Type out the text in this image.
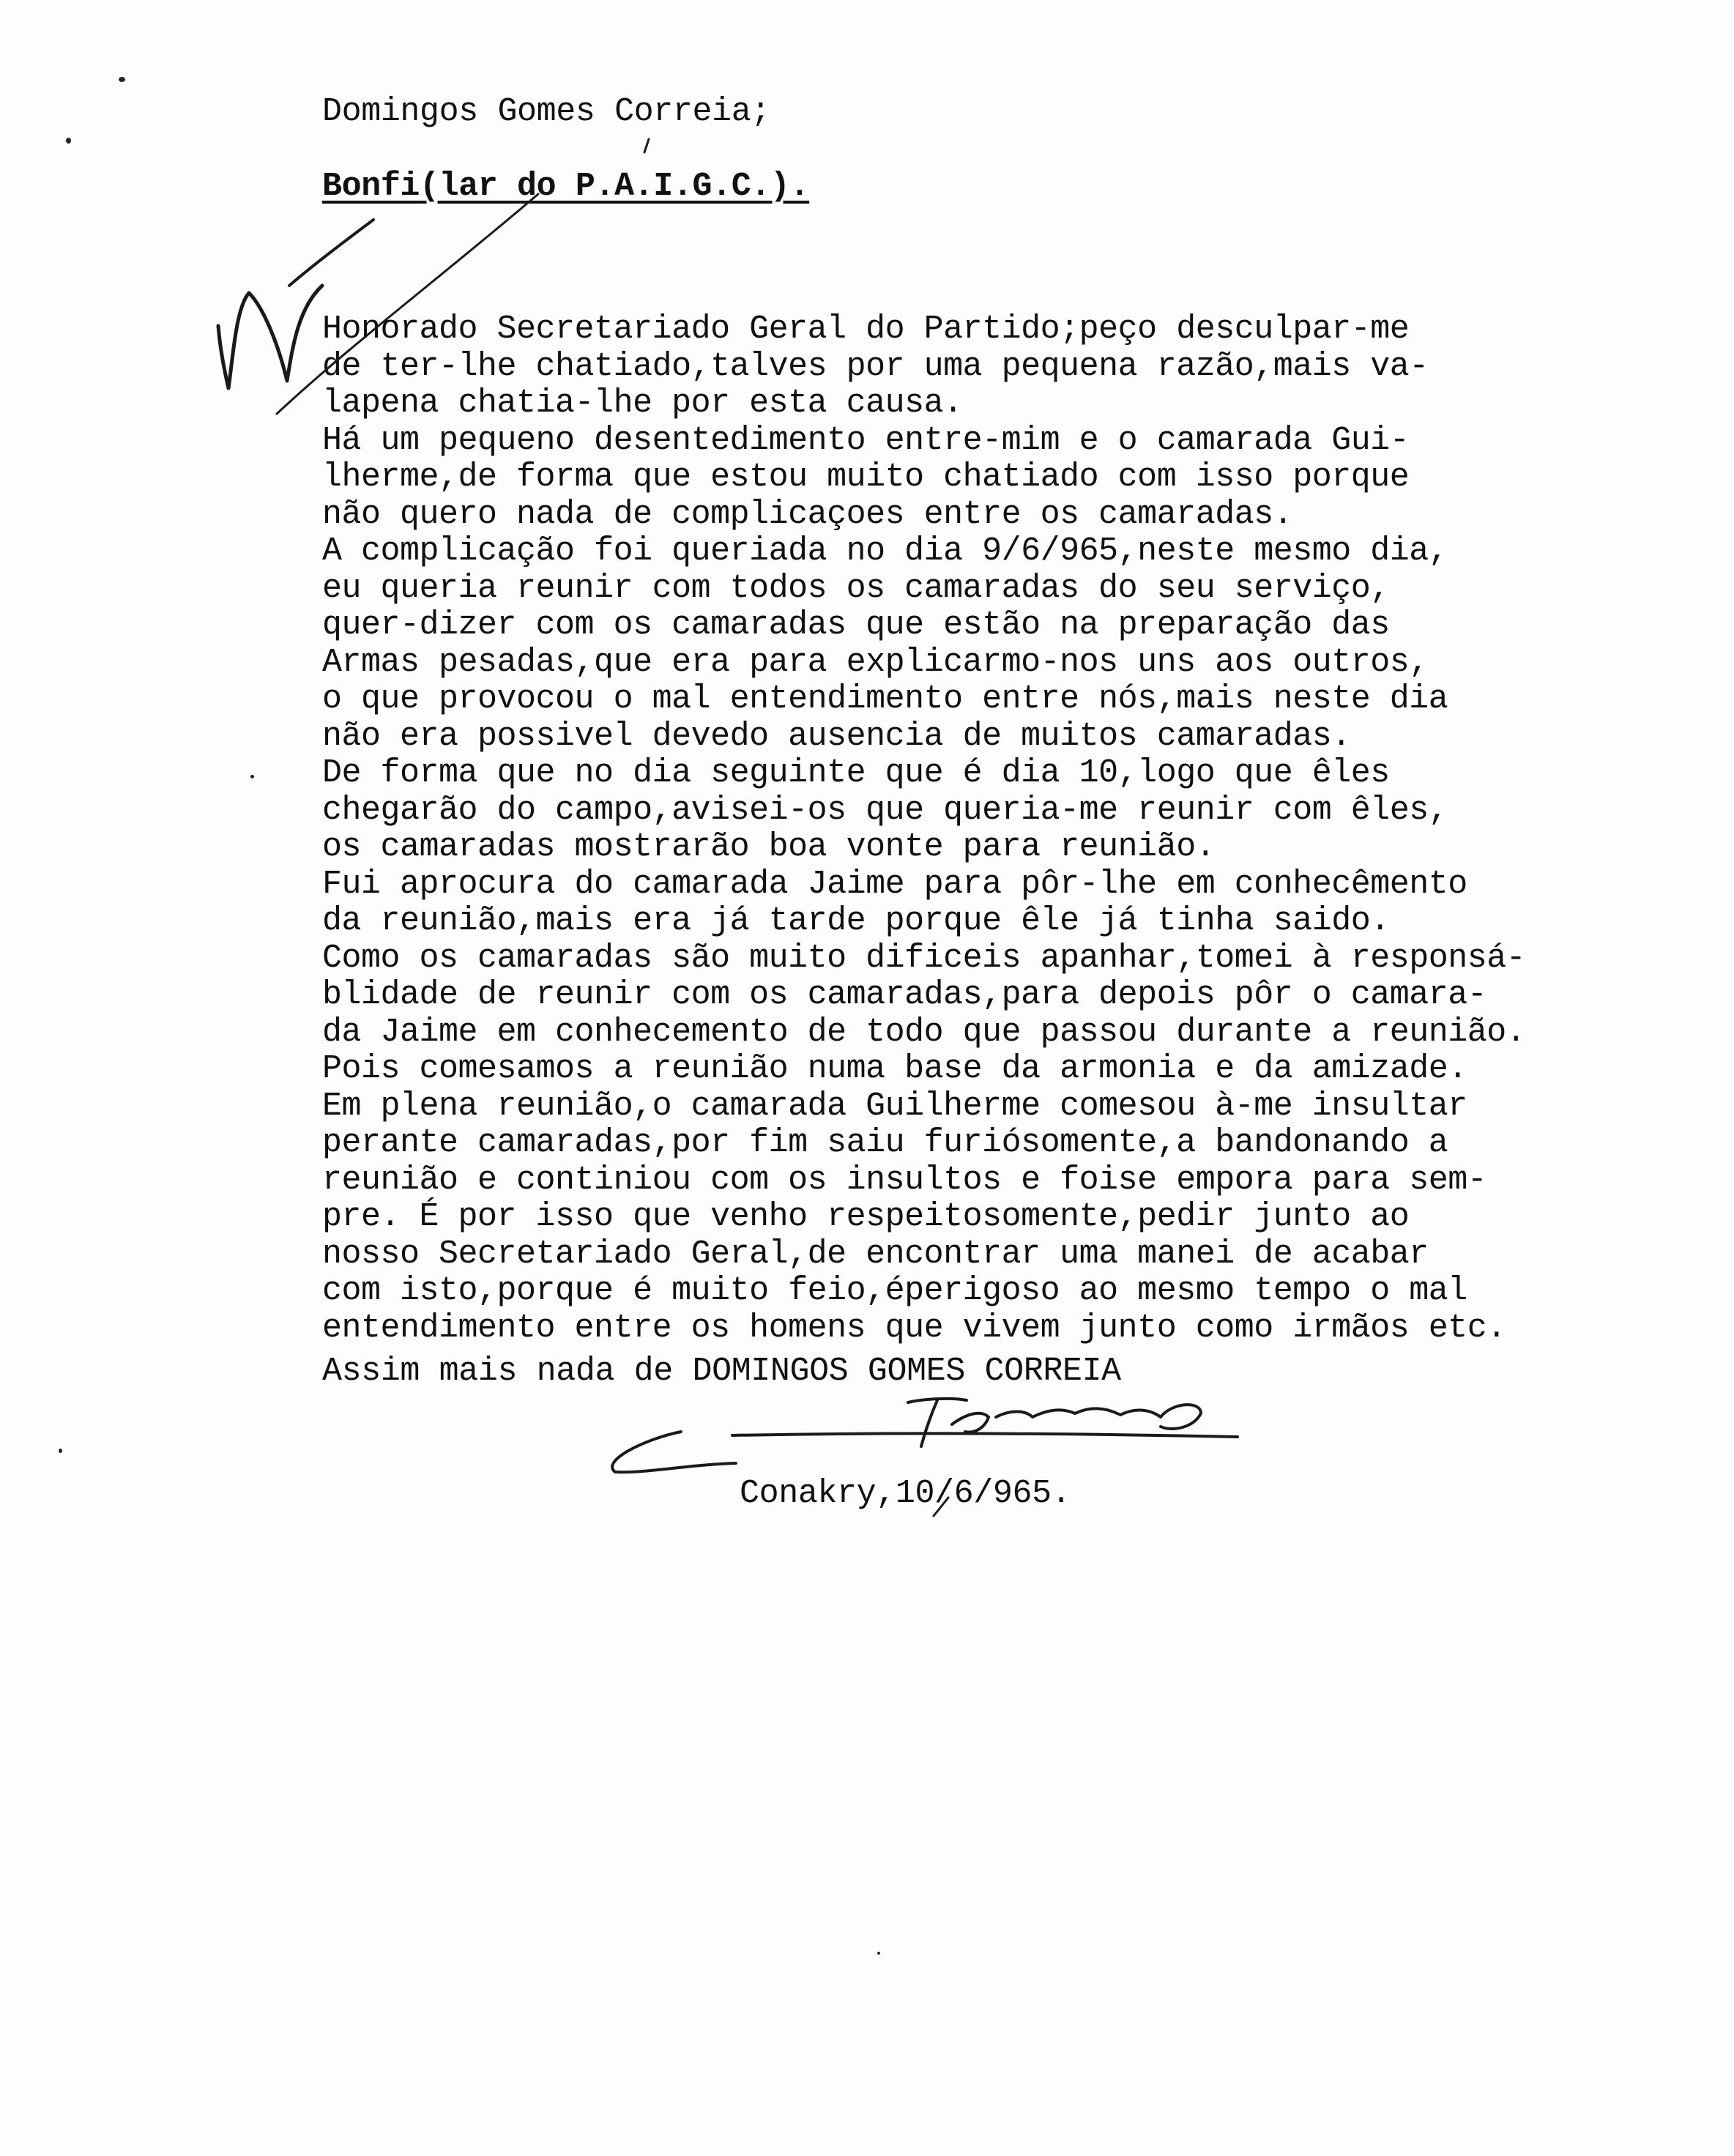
Domingos Gomes Correia;
Bonfi(lar do P.A.I.G.C.).
Honorado Secretariado Geral do Partido;peço desculpar-me
de ter-lhe chatiado,talves por uma pequena razão,mais va-
lapena chatia-lhe por esta causa.
Há um pequeno desentedimento entre-mim e o camarada Gui-
lherme,de forma que estou muito chatiado com isso porque
não quero nada de complicaçoes entre os camaradas.
A complicação foi queriada no dia 9/6/965,neste mesmo dia,
eu queria reunir com todos os camaradas do seu serviço,
quer-dizer com os camaradas que estão na preparação das
Armas pesadas,que era para explicarmo-nos uns aos outros,
o que provocou o mal entendimento entre nós,mais neste dia
não era possivel devedo ausencia de muitos camaradas.
De forma que no dia seguinte que é dia 10,logo que êles
chegarão do campo,avisei-os que queria-me reunir com êles,
os camaradas mostrarão boa vonte para reunião.
Fui aprocura do camarada Jaime para pôr-lhe em conhecêmento
da reunião,mais era já tarde porque êle já tinha saido.
Como os camaradas são muito dificeis apanhar,tomei à responsá-
blidade de reunir com os camaradas,para depois pôr o camara-
da Jaime em conhecemento de todo que passou durante a reunião.
Pois comesamos a reunião numa base da armonia e da amizade.
Em plena reunião,o camarada Guilherme comesou à-me insultar
perante camaradas,por fim saiu furiósomente,a bandonando a
reunião e continiou com os insultos e foise empora para sem-
pre. É por isso que venho respeitosomente,pedir junto ao
nosso Secretariado Geral,de encontrar uma manei de acabar
com isto,porque é muito feio,éperigoso ao mesmo tempo o mal
entendimento entre os homens que vivem junto como irmãos etc.
Assim mais nada de DOMINGOS GOMES CORREIA
Conakry,10/6/965.
